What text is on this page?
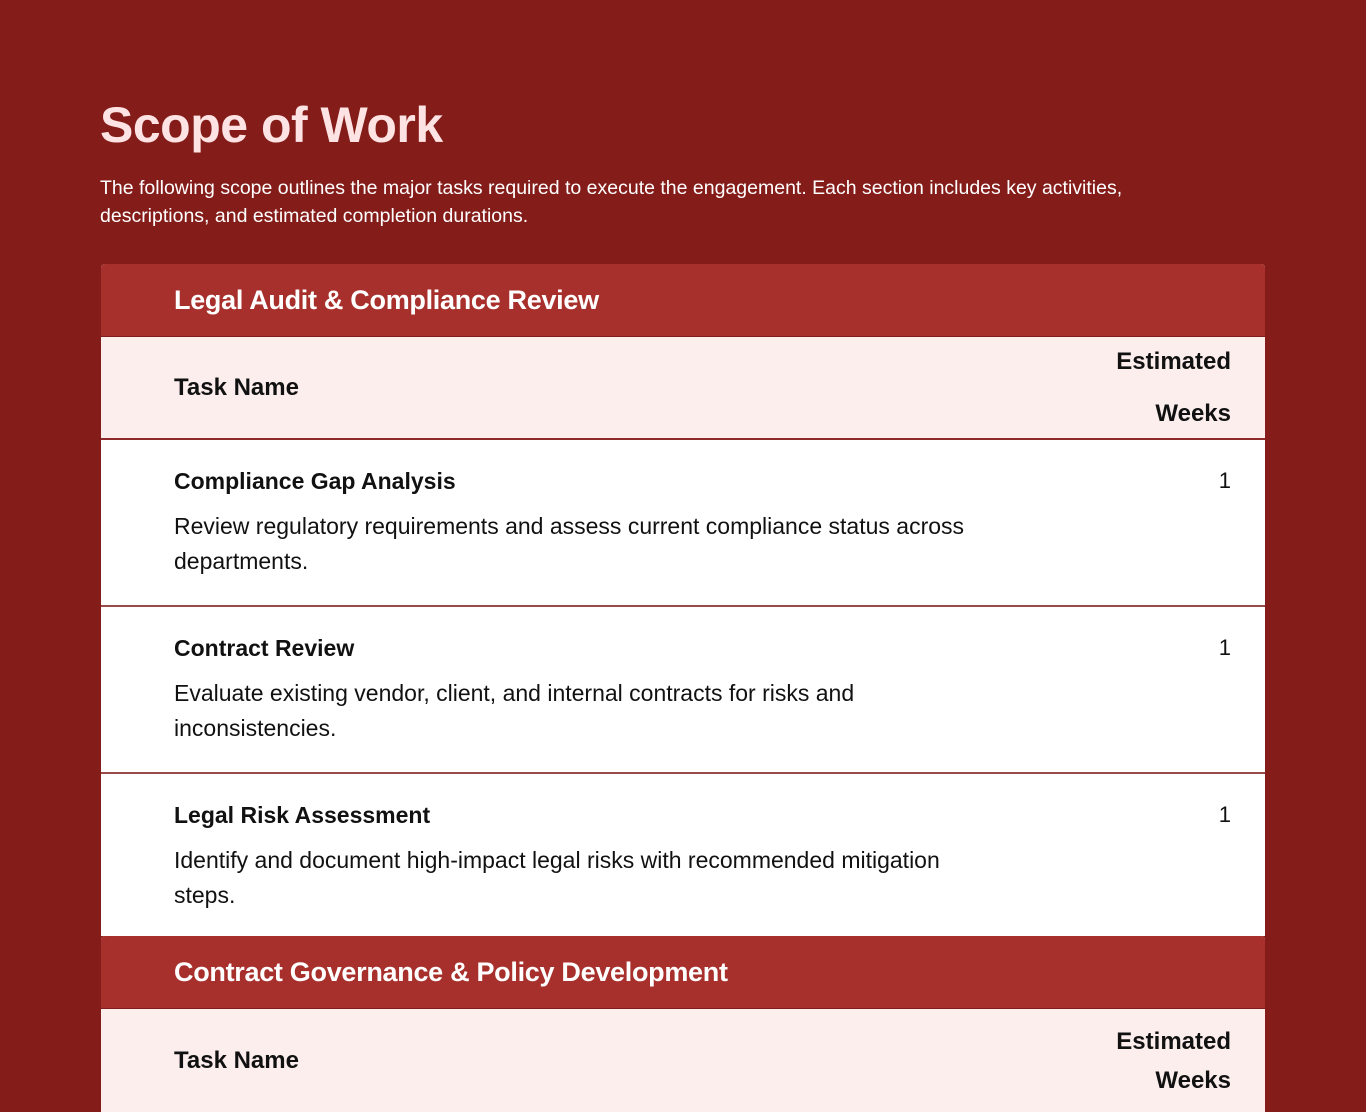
Scope of Work

The following scope outlines the major tasks required to execute the engagement. Each section includes key activities, descriptions, and estimated completion durations.

Legal Audit & Compliance Review
Task Name
Estimated Weeks
Compliance Gap Analysis
Review regulatory requirements and assess current compliance status across departments.
1
Contract Review
Evaluate existing vendor, client, and internal contracts for risks and inconsistencies.
1
Legal Risk Assessment
Identify and document high-impact legal risks with recommended mitigation steps.
1
Contract Governance & Policy Development
Task Name
Estimated Weeks
